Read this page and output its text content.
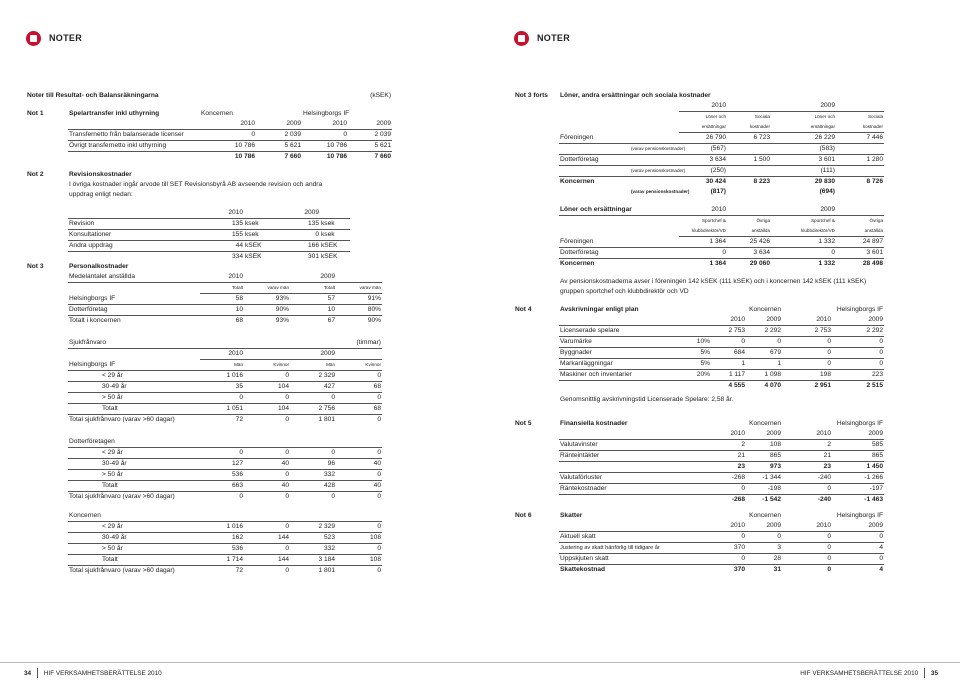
NOTER	NOTER
Noter till Resultat- och Balansräkningarna					(kSEK)

Not 1	Spelartransfer inkl uthyrning	Koncernen		Helsingborgs IF	
		2010	2009	2010	2009
	Transfernetto från balanserade licenser	0	2 039	0	2 039
	Övrigt transfernetto inkl uthyrning	10 786	5 621	10 786	5 621
		10 786	7 660	10 786	7 660

Not 2	Revisionskostnader				
	I övriga kostnader ingår arvode till SET Revisionsbyrå AB avseende revision och andra uppdrag enligt nedan:				

		2010		2009		
	Revision	135	ksek	135	ksek	
	Konsultationer	155	ksek	0	ksek	
	Andra uppdrag	44	kSEK	166	kSEK	
		334	kSEK	301	kSEK	
Not 3	Personalkostnader					
	Medelantalet anställda	2010		2009		
		Totalt	varav män	Totalt	varav män	
	Helsingborgs IF	58	93%	57	91%	
	Dotterföretag	10	90%	10	80%	
	Totalt i koncernen	68	93%	67	90%	

	Sjukfrånvaro				(timmar)	
		2010		2009		
	Helsingborgs IF	Män	Kvinnor	Män	Kvinnor	
	< 29 år	1 016	0	2 329	0	
	30-49 år	35	104	427	68	
	> 50 år	0	0	0	0	
	Totalt	1 051	104	2 756	68	
	Total sjukfrånvaro (varav >60 dagar)	72	0	1 801	0	

	Dotterföretagen					
	< 29 år	0	0	0	0	
	30-49 år	127	40	96	40	
	> 50 år	536	0	332	0	
	Totalt	663	40	428	40	
	Total sjukfrånvaro (varav >60 dagar)	0	0	0	0	

	Koncernen					
	< 29 år	1 016	0	2 329	0	
	30-49 år	162	144	523	108	
	> 50 år	536	0	332	0	
	Totalt	1 714	144	3 184	108	
	Total sjukfrånvaro (varav >60 dagar)	72	0	1 801	0	
Not 3 forts	Löner, andra ersättningar och sociala kostnader				
		2010		2009	
		Löner och	Sociala	Löner och	Sociala
		ersättningar	kostnader	ersättningar	kostnader
	Föreningen	26 790	6 723	26 229	7 446
	(varav pensionskostnader)	(567)		(583)	
	Dotterföretag	3 634	1 500	3 601	1 280
	(varav pensionskostnader)	(250)		(111)	
	Koncernen	30 424	8 223	29 830	8 726
	(varav pensionskostnader)	(817)		(694)	

	Löner och ersättningar	2010		2009	
		Sportchef &	Övriga	Sportchef &	Övriga
		klubbdirektör/VD	anställda	klubbdirektör/VD	anställda
	Föreningen	1 364	25 426	1 332	24 897
	Dotterföretag	0	3 634	0	3 601
	Koncernen	1 364	29 060	1 332	28 498

	Av pensionskostnaderna avser i föreningen 142 kSEK (111 kSEK) och i koncernen 142 kSEK (111 kSEK) gruppen sportchef och klubbdirektör och VD				

Not 4	Avskrivningar enligt plan		Koncernen		Helsingborgs IF	
			2010	2009	2010	2009
	Licenserade spelare		2 753	2 292	2 753	2 292
	Varumärke	10%	0	0	0	0
	Byggnader	5%	684	679	0	0
	Markanläggningar	5%	1	1	0	0
	Maskiner och inventarier	20%	1 117	1 098	198	223
			4 555	4 070	2 951	2 515

	Genomsnittlig avskrivningstid Licenserade Spelare: 2,58 år.					

Not 5	Finansiella kostnader		Koncernen		Helsingborgs IF	
			2010	2009	2010	2009
	Valutavinster		2	108	2	585
	Ränteintäkter		21	865	21	865
			23	973	23	1 450
	Valutaförluster		-268	-1 344	-240	-1 266
	Räntekostnader		0	-198	0	-197
			-268	-1 542	-240	-1 463

Not 6	Skatter		Koncernen		Helsingborgs IF	
			2010	2009	2010	2009
	Aktuell skatt		0	0	0	0
	Justering av skatt hänförlig till tidigare år		370	3	0	4
	Uppskjuten skatt		0	28	0	0
	Skattekostnad		370	31	0	4
34 HIF VERKSAMHETSBERÄTTELSE 2010	HIF VERKSAMHETSBERÄTTELSE 2010 35
